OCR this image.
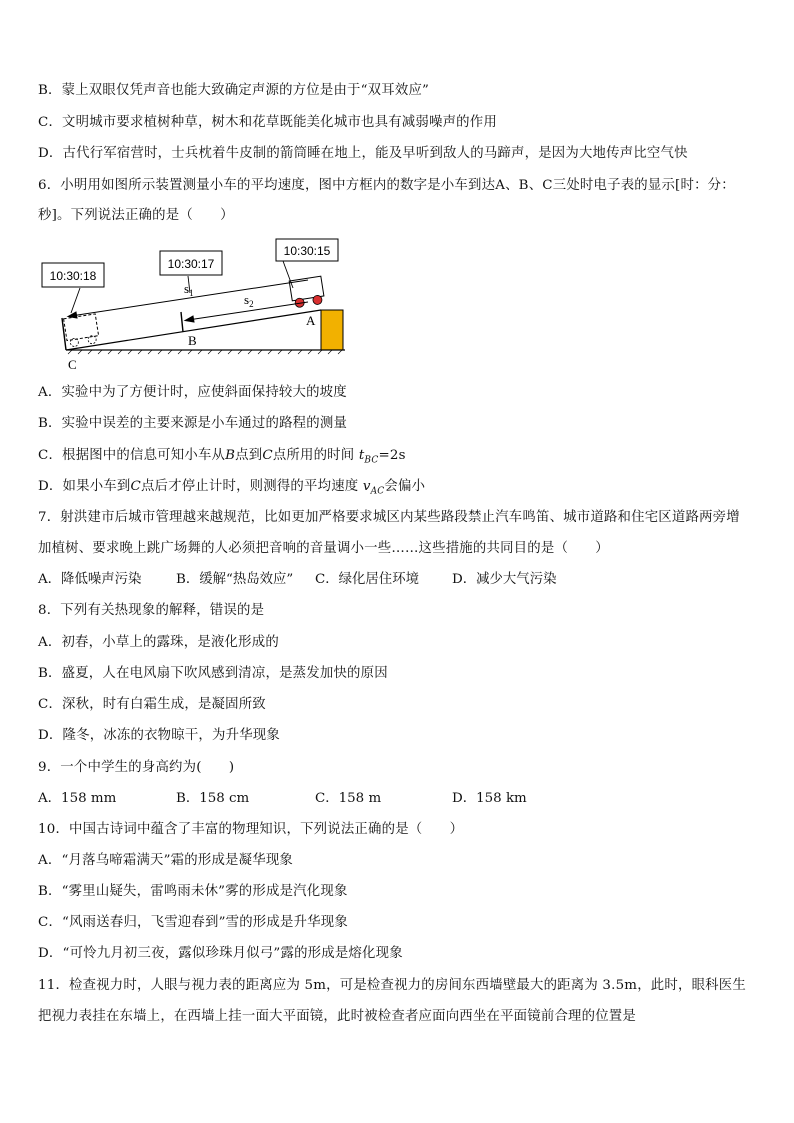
B．蒙上双眼仅凭声音也能大致确定声源的方位是由于“双耳效应”
C．文明城市要求植树种草，树木和花草既能美化城市也具有减弱噪声的作用
D．古代行军宿营时，士兵枕着牛皮制的箭筒睡在地上，能及早听到敌人的马蹄声，是因为大地传声比空气快
6．小明用如图所示装置测量小车的平均速度，图中方框内的数字是小车到达A、B、C三处时电子表的显示[时：分：
秒]。下列说法正确的是（　　）
10:30:18
10:30:17
10:30:15
$s_1$	$s_2$
A
B
C
A．实验中为了方便计时，应使斜面保持较大的坡度
B．实验中误差的主要来源是小车通过的路程的测量
C．根据图中的信息可知小车从B点到C点所用的时间 $t_{BC}=2s$
D．如果小车到C点后才停止计时，则测得的平均速度 $v_{AC}$会偏小
7．射洪建市后城市管理越来越规范，比如更加严格要求城区内某些路段禁止汽车鸣笛、城市道路和住宅区道路两旁增
加植树、要求晚上跳广场舞的人必须把音响的音量调小一些……这些措施的共同目的是（　　）
A．降低噪声污染	B．缓解“热岛效应” C．绿化居住环境 D．减少大气污染
8．下列有关热现象的解释，错误的是
A．初春，小草上的露珠，是液化形成的
B．盛夏，人在电风扇下吹风感到清凉，是蒸发加快的原因
C．深秋，时有白霜生成，是凝固所致
D．隆冬，冰冻的衣物晾干，为升华现象
9．一个中学生的身高约为(　　)
A．158 mm	B．158 cm	C．158 m	D．158 km
10．中国古诗词中蕴含了丰富的物理知识，下列说法正确的是（　　）
A．“月落乌啼霜满天”霜的形成是凝华现象
B．“雾里山疑失，雷鸣雨未休”雾的形成是汽化现象
C．“风雨送春归，飞雪迎春到”雪的形成是升华现象
D．“可怜九月初三夜，露似珍珠月似弓”露的形成是熔化现象
11．检查视力时，人眼与视力表的距离应为 5m，可是检查视力的房间东西墙壁最大的距离为 3.5m，此时，眼科医生
把视力表挂在东墙上，在西墙上挂一面大平面镜，此时被检查者应面向西坐在平面镜前合理的位置是
